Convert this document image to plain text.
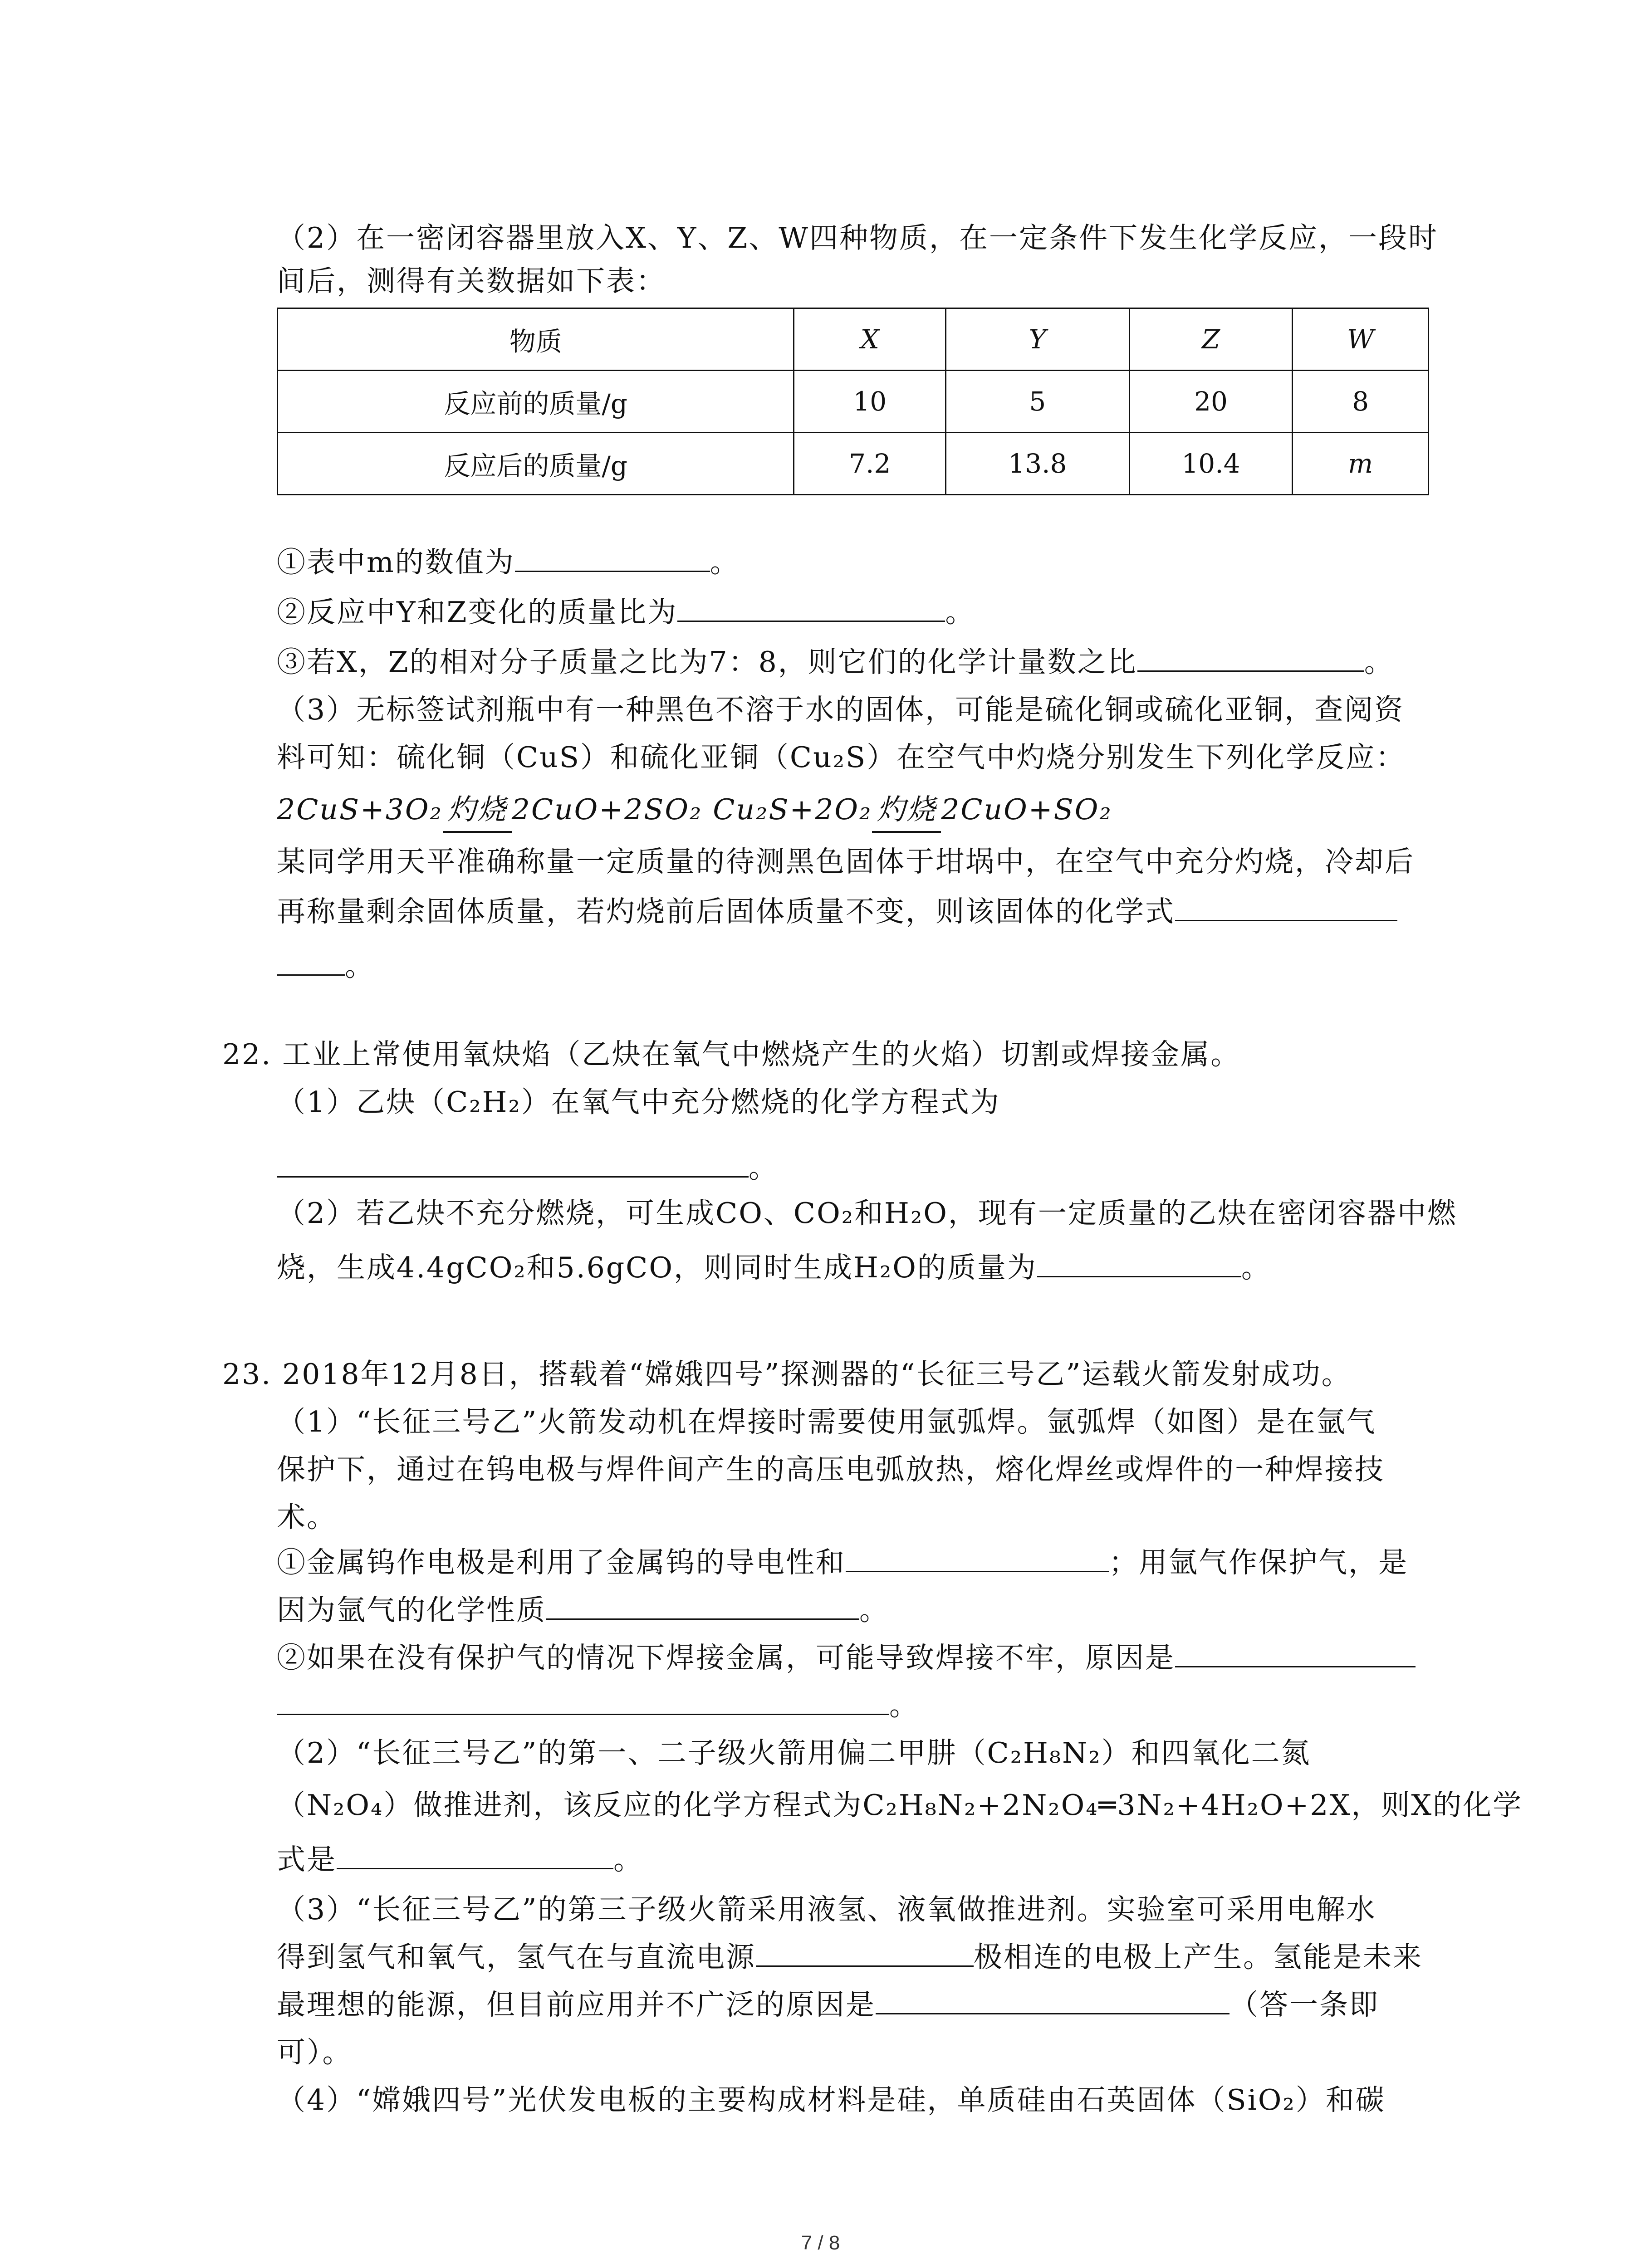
（2）在一密闭容器里放入X、Y、Z、W四种物质，在一定条件下发生化学反应，一段时
间后，测得有关数据如下表：
物质	X	Y	Z	W
反应前的质量/g	10	5	20	8
反应后的质量/g	7.2	13.8	10.4	m
①表中m的数值为	。
②反应中Y和Z变化的质量比为	。
③若X，Z的相对分子质量之比为7：8，则它们的化学计量数之比	。
（3）无标签试剂瓶中有一种黑色不溶于水的固体，可能是硫化铜或硫化亚铜，查阅资
料可知：硫化铜（CuS）和硫化亚铜（Cu₂S）在空气中灼烧分别发生下列化学反应：
2CuS+3O₂ 灼烧 2CuO+2SO₂ Cu₂S+2O₂ 灼烧 2CuO+SO₂
某同学用天平准确称量一定质量的待测黑色固体于坩埚中，在空气中充分灼烧，冷却后
再称量剩余固体质量，若灼烧前后固体质量不变，则该固体的化学式
。
22. 工业上常使用氧炔焰（乙炔在氧气中燃烧产生的火焰）切割或焊接金属。
（1）乙炔（C₂H₂）在氧气中充分燃烧的化学方程式为
。
（2）若乙炔不充分燃烧，可生成CO、CO₂和H₂O，现有一定质量的乙炔在密闭容器中燃
烧，生成4.4gCO₂和5.6gCO，则同时生成H₂O的质量为	。
23. 2018年12月8日，搭载着“嫦娥四号”探测器的“长征三号乙”运载火箭发射成功。
（1）“长征三号乙”火箭发动机在焊接时需要使用氩弧焊。氩弧焊（如图）是在氩气
保护下，通过在钨电极与焊件间产生的高压电弧放热，熔化焊丝或焊件的一种焊接技
术。
①金属钨作电极是利用了金属钨的导电性和	；用氩气作保护气，是
因为氩气的化学性质	。
②如果在没有保护气的情况下焊接金属，可能导致焊接不牢，原因是
。
（2）“长征三号乙”的第一、二子级火箭用偏二甲肼（C₂H₈N₂）和四氧化二氮
（N₂O₄）做推进剂，该反应的化学方程式为C₂H₈N₂+2N₂O₄═3N₂+4H₂O+2X，则X的化学
式是	。
（3）“长征三号乙”的第三子级火箭采用液氢、液氧做推进剂。实验室可采用电解水
得到氢气和氧气，氢气在与直流电源	极相连的电极上产生。氢能是未来
最理想的能源，但目前应用并不广泛的原因是	（答一条即
可）。
（4）“嫦娥四号”光伏发电板的主要构成材料是硅，单质硅由石英固体（SiO₂）和碳
7 / 8
